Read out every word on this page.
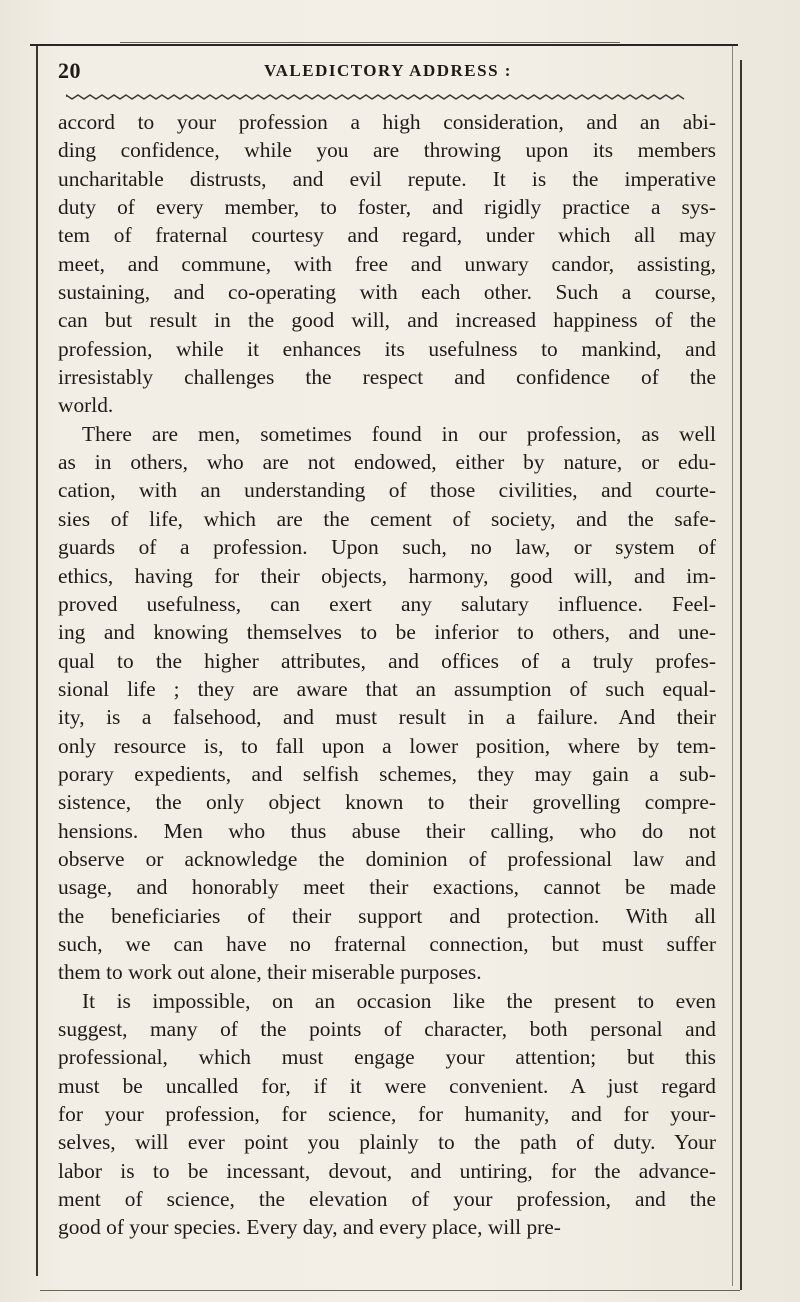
20	VALEDICTORY ADDRESS :

accord to your profession a high consideration, and an abi-
ding confidence, while you are throwing upon its members
uncharitable distrusts, and evil repute. It is the imperative
duty of every member, to foster, and rigidly practice a sys-
tem of fraternal courtesy and regard, under which all may
meet, and commune, with free and unwary candor, assisting,
sustaining, and co-operating with each other. Such a course,
can but result in the good will, and increased happiness of the
profession, while it enhances its usefulness to mankind, and
irresistably challenges the respect and confidence of the
world.

There are men, sometimes found in our profession, as well
as in others, who are not endowed, either by nature, or edu-
cation, with an understanding of those civilities, and courte-
sies of life, which are the cement of society, and the safe-
guards of a profession. Upon such, no law, or system of
ethics, having for their objects, harmony, good will, and im-
proved usefulness, can exert any salutary influence. Feel-
ing and knowing themselves to be inferior to others, and une-
qual to the higher attributes, and offices of a truly profes-
sional life ; they are aware that an assumption of such equal-
ity, is a falsehood, and must result in a failure. And their
only resource is, to fall upon a lower position, where by tem-
porary expedients, and selfish schemes, they may gain a sub-
sistence, the only object known to their grovelling compre-
hensions. Men who thus abuse their calling, who do not
observe or acknowledge the dominion of professional law and
usage, and honorably meet their exactions, cannot be made
the beneficiaries of their support and protection. With all
such, we can have no fraternal connection, but must suffer
them to work out alone, their miserable purposes.

It is impossible, on an occasion like the present to even
suggest, many of the points of character, both personal and
professional, which must engage your attention; but this
must be uncalled for, if it were convenient. A just regard
for your profession, for science, for humanity, and for your-
selves, will ever point you plainly to the path of duty. Your
labor is to be incessant, devout, and untiring, for the advance-
ment of science, the elevation of your profession, and the
good of your species. Every day, and every place, will pre-
